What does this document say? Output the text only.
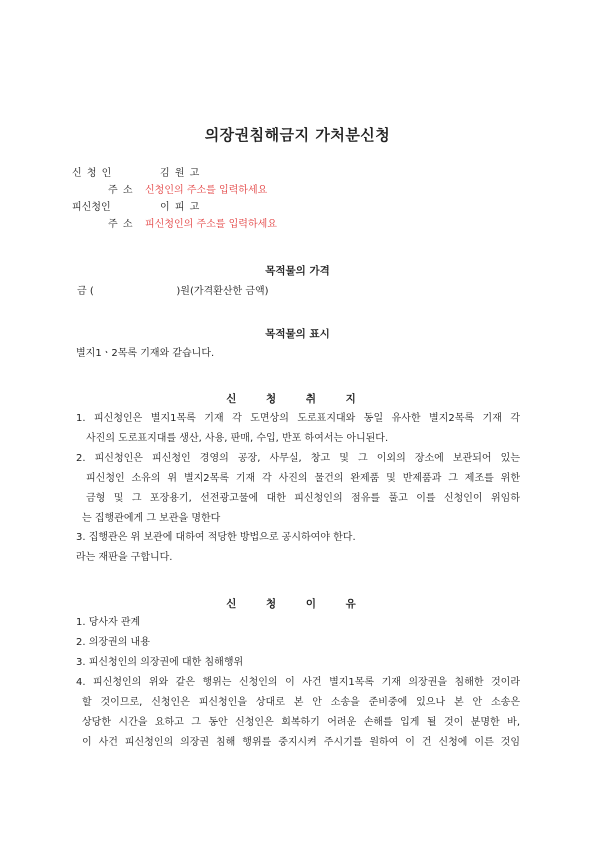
의장권침해금지 가처분신청
신 청 인	김 원 고
주 소 신청인의 주소를 입력하세요
피신청인	이 피 고
주 소 피신청인의 주소를 입력하세요
목적물의 가격
금 (                          )원(가격환산한 금액)
목적물의 표시
별지1ㆍ2목록 기재와 같습니다.
신 청 취 지
1. 피신청인은 별지1목록 기재 각 도면상의 도로표지대와 동일 유사한 별지2목록 기재 각
사진의 도로표지대를 생산, 사용, 판매, 수입, 반포 하여서는 아니된다.
2. 피신청인은 피신청인 경영의 공장, 사무실, 창고 및 그 이외의 장소에 보관되어 있는
피신청인 소유의 위 별지2목록 기재 각 사진의 물건의 완제품 및 반제품과 그 제조를 위한
금형 및 그 포장용기, 선전광고물에 대한 피신청인의 점유를 풀고 이를 신청인이 위임하
는 집행관에게 그 보관을 명한다
3. 집행관은 위 보관에 대하여 적당한 방법으로 공시하여야 한다.
라는 재판을 구합니다.
신 청 이 유
1. 당사자 관계
2. 의장권의 내용
3. 피신청인의 의장권에 대한 침해행위
4. 피신청인의 위와 같은 행위는 신청인의 이 사건 별지1목록 기재 의장권을 침해한 것이라
할 것이므로, 신청인은 피신청인을 상대로 본 안 소송을 준비중에 있으나 본 안 소송은
상당한 시간을 요하고 그 동안 신청인은 회복하기 어려운 손해를 입게 될 것이 분명한 바,
이 사건 피신청인의 의장권 침해 행위를 중지시켜 주시기를 원하여 이 건 신청에 이른 것임
